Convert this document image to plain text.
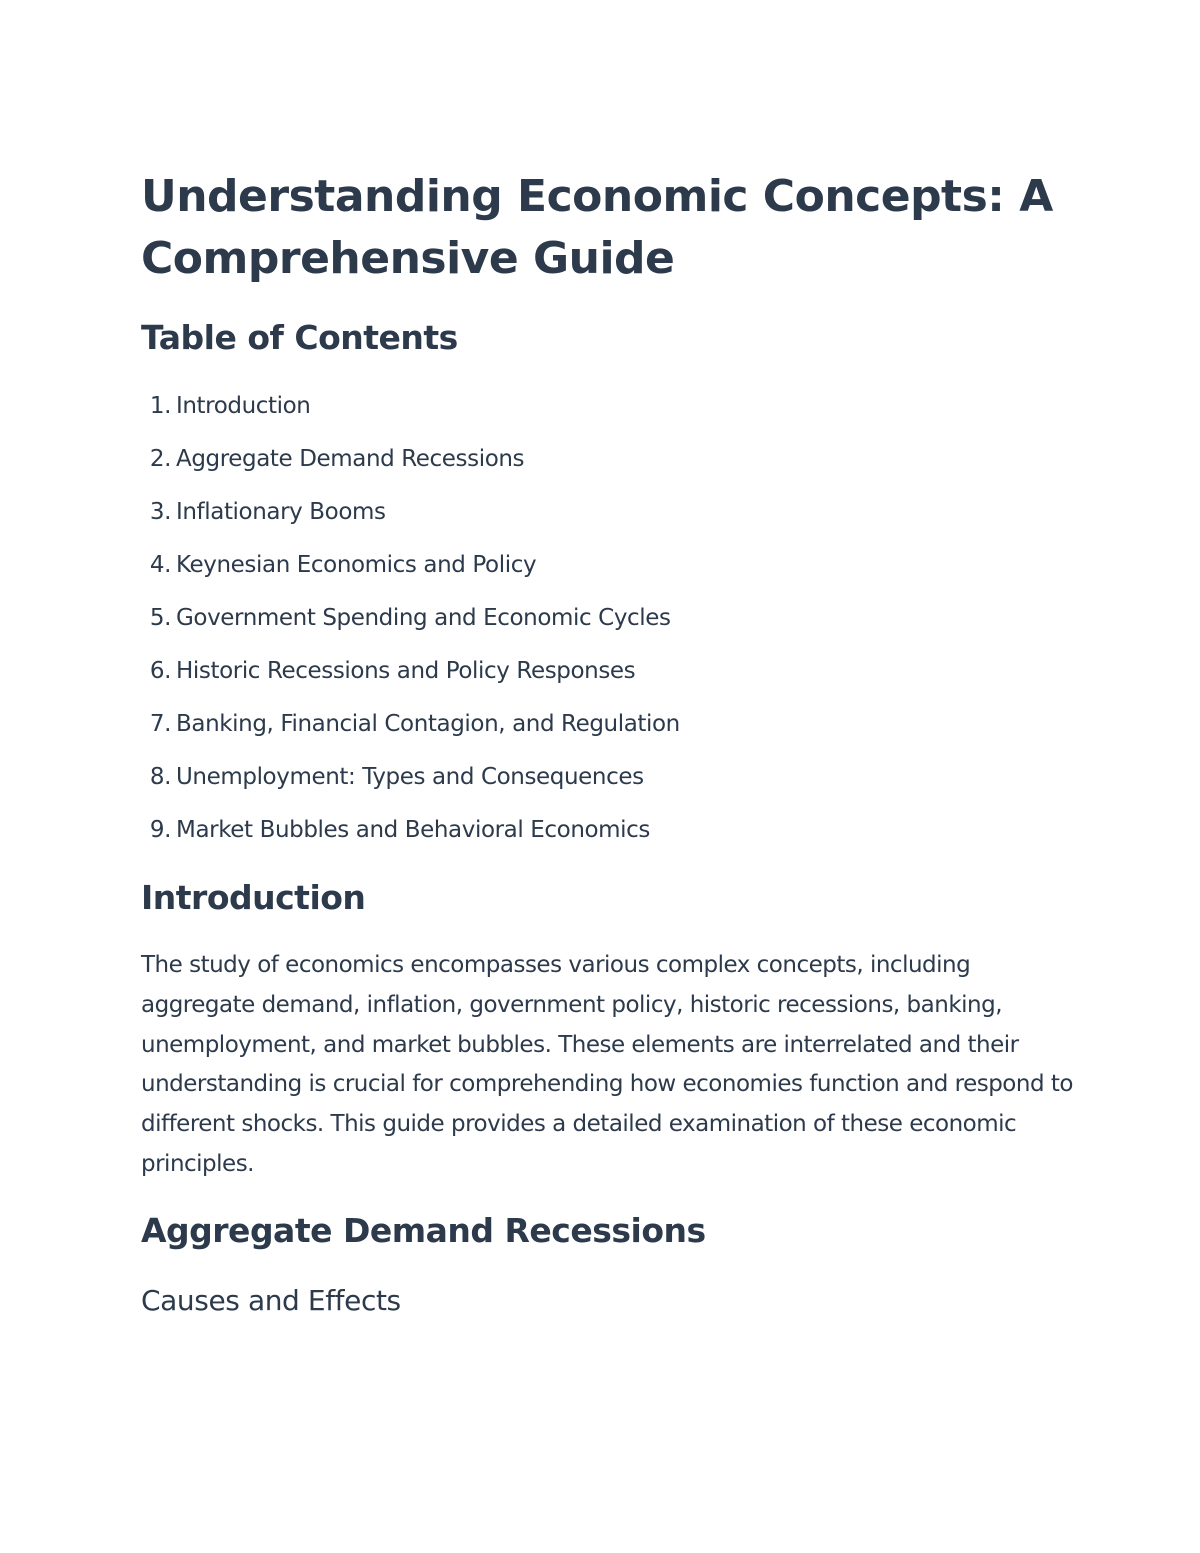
Understanding Economic Concepts: A Comprehensive Guide
Table of Contents
1. Introduction
2. Aggregate Demand Recessions
3. Inflationary Booms
4. Keynesian Economics and Policy
5. Government Spending and Economic Cycles
6. Historic Recessions and Policy Responses
7. Banking, Financial Contagion, and Regulation
8. Unemployment: Types and Consequences
9. Market Bubbles and Behavioral Economics
Introduction

The study of economics encompasses various complex concepts, including aggregate demand, inflation, government policy, historic recessions, banking, unemployment, and market bubbles. These elements are interrelated and their understanding is crucial for comprehending how economies function and respond to different shocks. This guide provides a detailed examination of these economic principles.

Aggregate Demand Recessions
Causes and Effects
